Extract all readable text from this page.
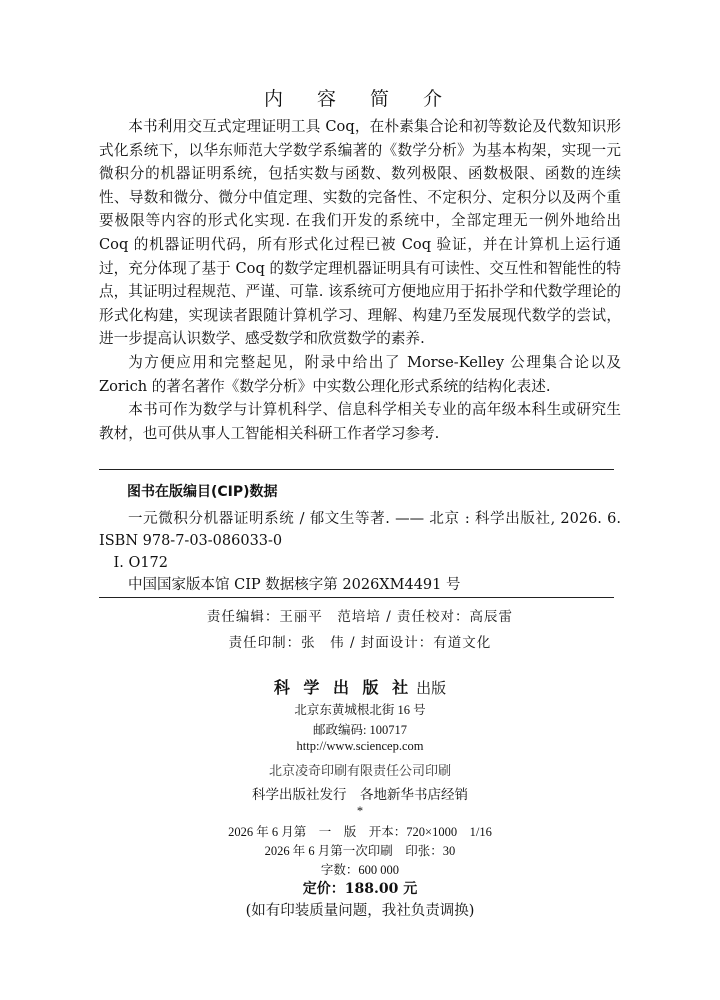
内 容 简 介

本书利用交互式定理证明工具 Coq，在朴素集合论和初等数论及代数知识形式化系统下，以华东师范大学数学系编著的《数学分析》为基本构架，实现一元微积分的机器证明系统，包括实数与函数、数列极限、函数极限、函数的连续性、导数和微分、微分中值定理、实数的完备性、不定积分、定积分以及两个重要极限等内容的形式化实现. 在我们开发的系统中，全部定理无一例外地给出 Coq 的机器证明代码，所有形式化过程已被 Coq 验证，并在计算机上运行通过，充分体现了基于 Coq 的数学定理机器证明具有可读性、交互性和智能性的特点，其证明过程规范、严谨、可靠. 该系统可方便地应用于拓扑学和代数学理论的形式化构建，实现读者跟随计算机学习、理解、构建乃至发展现代数学的尝试，进一步提高认识数学、感受数学和欣赏数学的素养.

为方便应用和完整起见，附录中给出了 Morse-Kelley 公理集合论以及 Zorich 的著名著作《数学分析》中实数公理化形式系统的结构化表述.

本书可作为数学与计算机科学、信息科学相关专业的高年级本科生或研究生教材，也可供从事人工智能相关科研工作者学习参考.

图书在版编目(CIP)数据
一元微积分机器证明系统 / 郁文生等著. —— 北京 : 科学出版社, 2026. 6.
ISBN 978-7-03-086033-0
Ⅰ. O172
中国国家版本馆 CIP 数据核字第 2026XM4491 号
责任编辑：王丽平　范培培 / 责任校对：高辰雷
责任印制：张　伟 / 封面设计：有道文化
科 学 出 版 社 出版
北京东黄城根北街 16 号
邮政编码: 100717
http://www.sciencep.com
北京凌奇印刷有限责任公司印刷
科学出版社发行　各地新华书店经销
*
2026 年 6 月第　一　版　开本：720×1000　1/16
2026 年 6 月第一次印刷　印张：30
字数：600 000
定价：188.00 元
(如有印装质量问题，我社负责调换)
